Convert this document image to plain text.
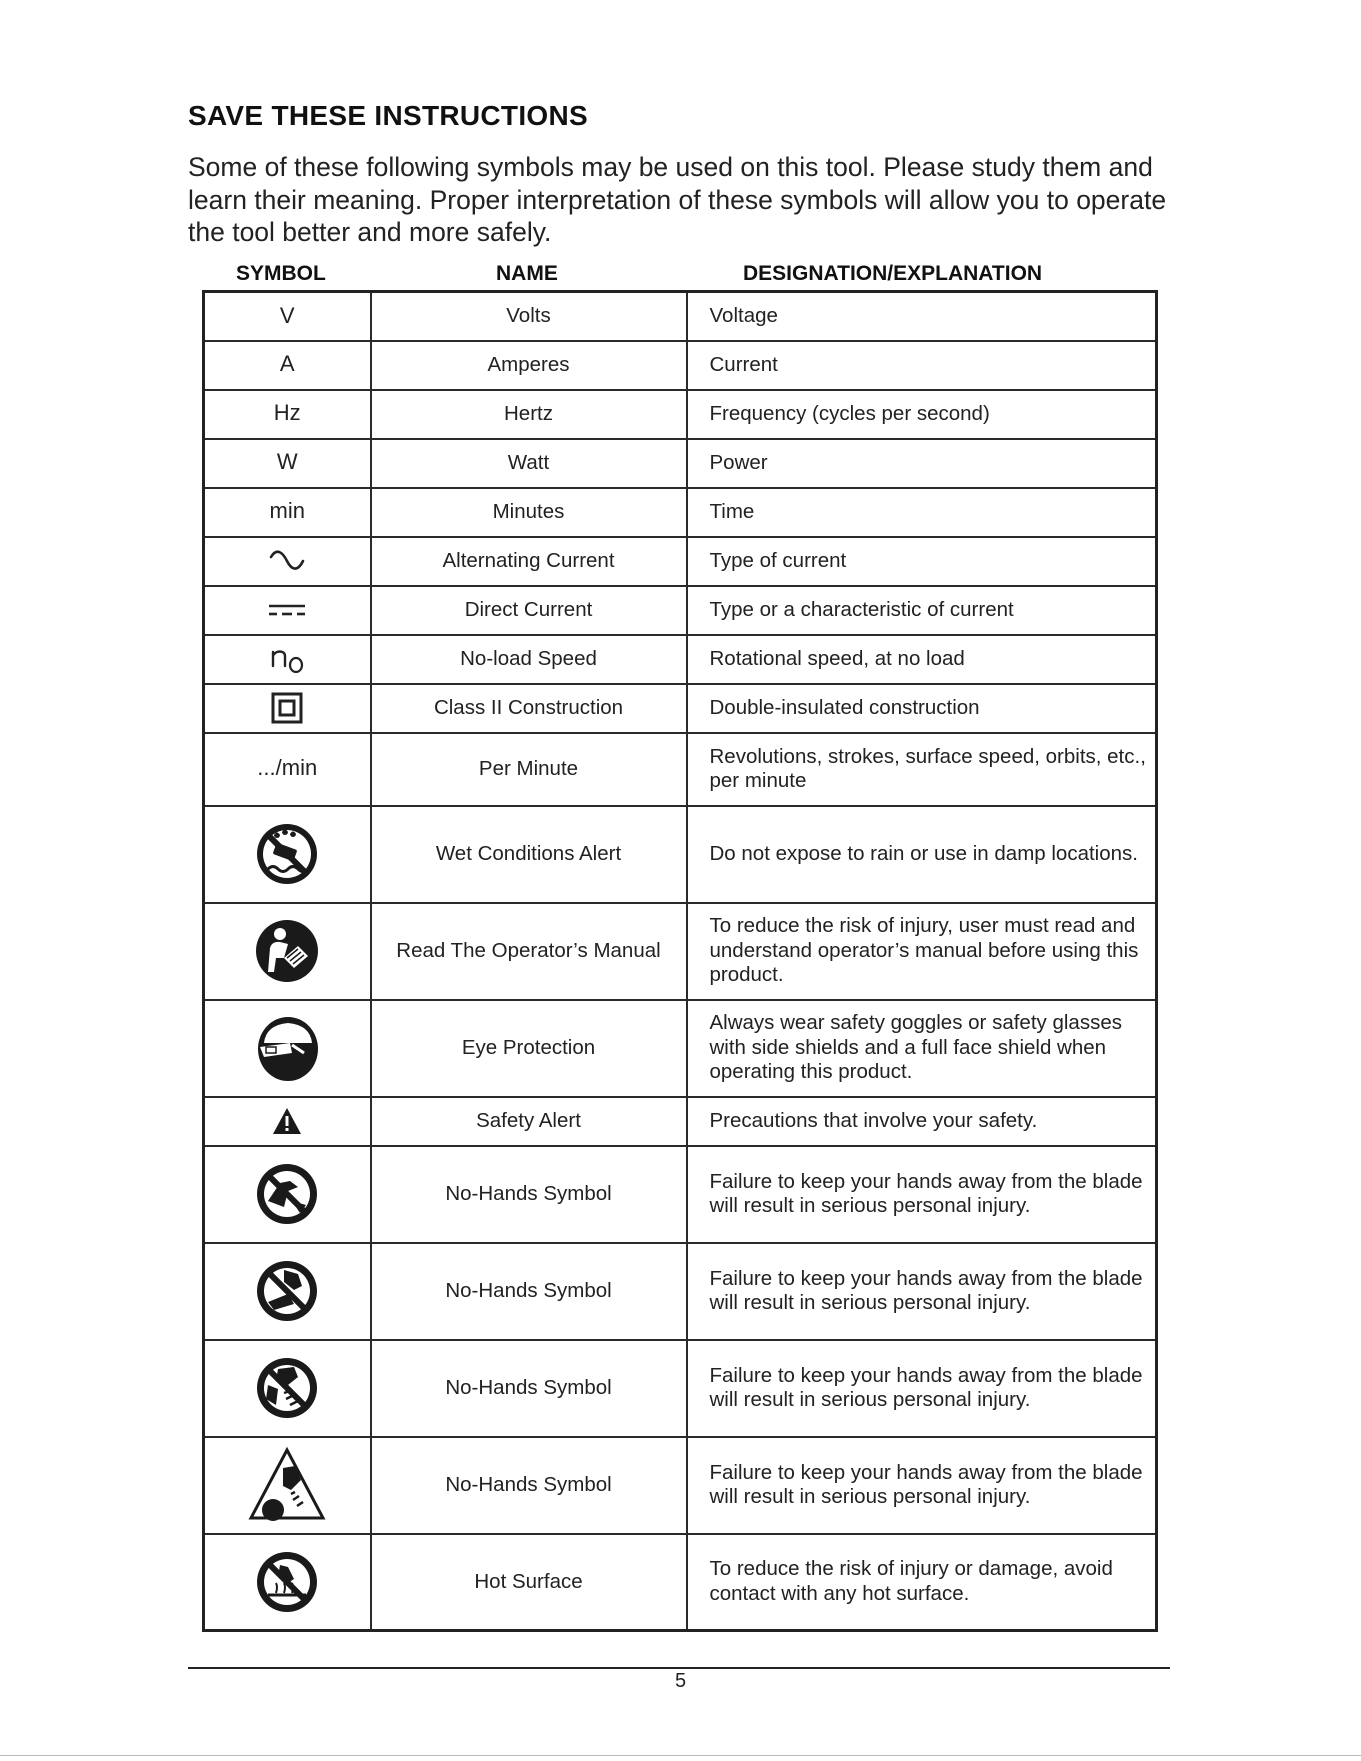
SAVE THESE INSTRUCTIONS

Some of these following symbols may be used on this tool. Please study them and learn their meaning. Proper interpretation of these symbols will allow you to operate the tool better and more safely.

SYMBOL	NAME	DESIGNATION/EXPLANATION
V	Volts	Voltage
A	Amperes	Current
Hz	Hertz	Frequency (cycles per second)
W	Watt	Power
min	Minutes	Time

	Alternating Current	Type of current

	Direct Current	Type or a characteristic of current

	No-load Speed	Rotational speed, at no load

	Class II Construction	Double-insulated construction
.../min	Per Minute	Revolutions, strokes, surface speed, orbits, etc., per minute

	Wet Conditions Alert	Do not expose to rain or use in damp locations.

	Read The Operator’s Manual	To reduce the risk of injury, user must read and understand operator’s manual before using this product.

	Eye Protection	Always wear safety goggles or safety glasses with side shields and a full face shield when operating this product.

	Safety Alert	Precautions that involve your safety.

	No-Hands Symbol	Failure to keep your hands away from the blade will result in serious personal injury.

	No-Hands Symbol	Failure to keep your hands away from the blade will result in serious personal injury.

	No-Hands Symbol	Failure to keep your hands away from the blade will result in serious personal injury.

	No-Hands Symbol	Failure to keep your hands away from the blade will result in serious personal injury.

	Hot Surface	To reduce the risk of injury or damage, avoid contact with any hot surface.
5
